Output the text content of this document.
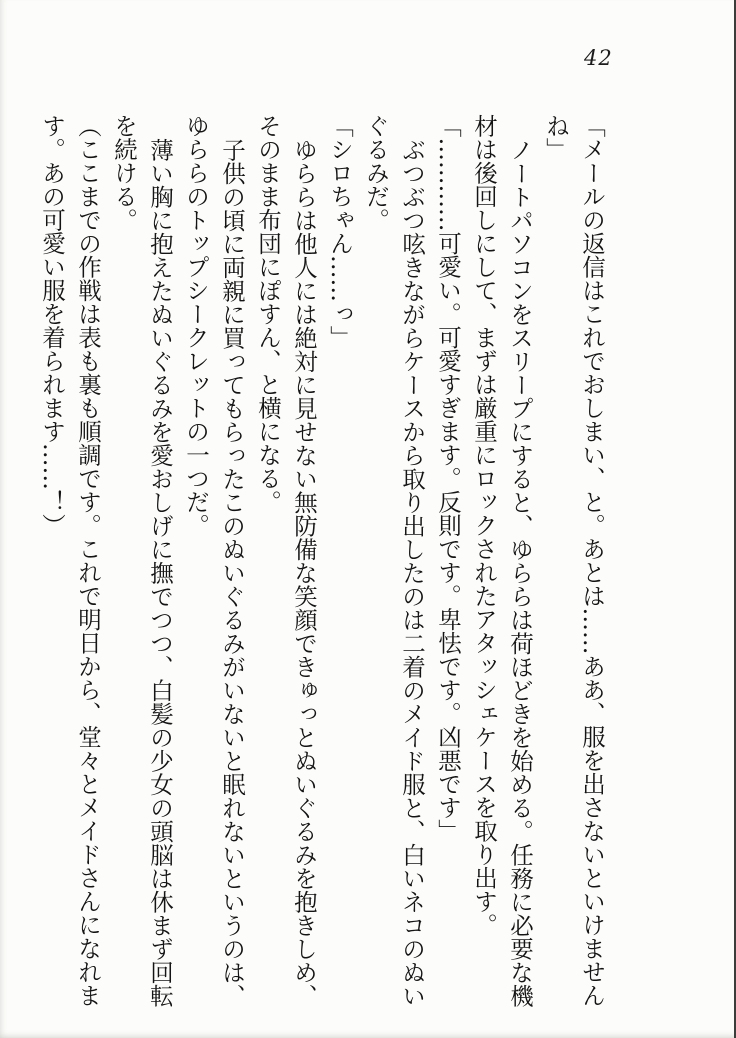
42

「メールの返信はこれでおしまい、と。あとは……ああ、服を出さないといけませんね」

ノートパソコンをスリープにすると、ゆららは荷ほどきを始める。任務に必要な機材は後回しにして、まずは厳重にロックされたアタッシェケースを取り出す。

「…………可愛い。可愛すぎます。反則です。卑怯です。凶悪です」

ぶつぶつ呟きながらケースから取り出したのは二着のメイド服と、白いネコのぬいぐるみだ。

「シロちゃん……っ」

ゆららは他人には絶対に見せない無防備な笑顔できゅっとぬいぐるみを抱きしめ、そのまま布団にぽすん、と横になる。

子供の頃に両親に買ってもらったこのぬいぐるみがいないと眠れないというのは、ゆららのトップシークレットの一つだ。

薄い胸に抱えたぬいぐるみを愛おしげに撫でつつ、白髪の少女の頭脳は休まず回転を続ける。

（ここまでの作戦は表も裏も順調です。これで明日から、堂々とメイドさんになれます。あの可愛い服を着られます……！）
